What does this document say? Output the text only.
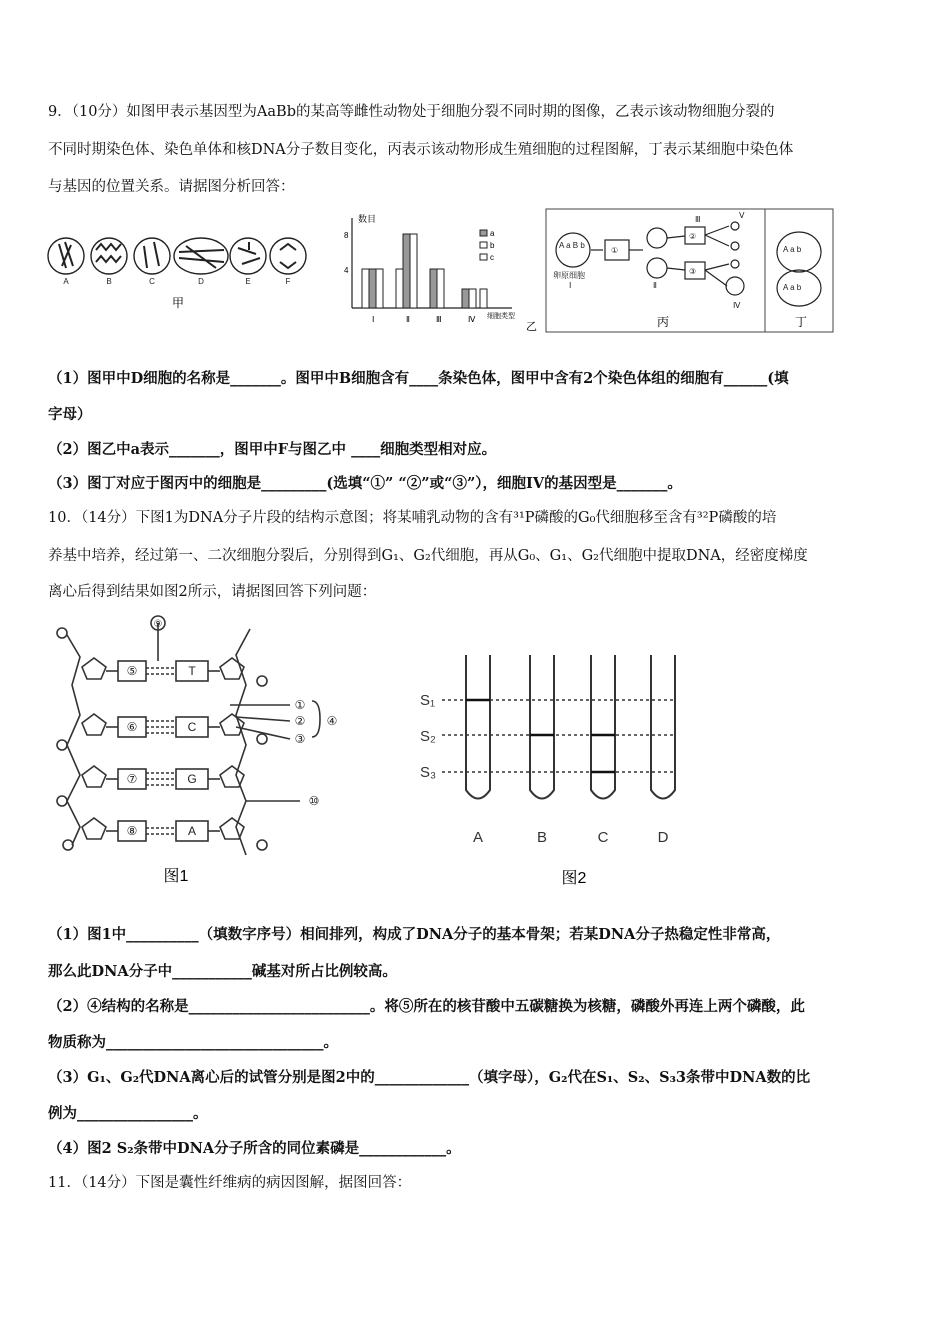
9．（10分）如图甲表示基因型为AaBb的某高等雌性动物处于细胞分裂不同时期的图像，乙表示该动物细胞分裂的
不同时期染色体、染色单体和核DNA分子数目变化，丙表示该动物形成生殖细胞的过程图解，丁表示某细胞中染色体
与基因的位置关系。请据图分析回答：
A	B	C	D	E	F
甲
数目
8
4
a
b
c
Ⅰ	Ⅱ	Ⅲ	Ⅳ 细胞类型
乙
A a B b
①
②
③
卵原细胞
Ⅰ	Ⅱ
Ⅲ
Ⅳ
Ⅴ
A a b
A a b
丙	丁
（1）图甲中D细胞的名称是_______。图甲中B细胞含有____条染色体，图甲中含有2个染色体组的细胞有______(填
字母）
（2）图乙中a表示_______，图甲中F与图乙中 ____细胞类型相对应。
（3）图丁对应于图丙中的细胞是_________(选填“①” “②”或“③”），细胞IV的基因型是_______。
10．（14分）下图1为DNA分子片段的结构示意图；将某哺乳动物的含有³¹P磷酸的G₀代细胞移至含有³²P磷酸的培
养基中培养，经过第一、二次细胞分裂后，分别得到G₁、G₂代细胞，再从G₀、G₁、G₂代细胞中提取DNA，经密度梯度
离心后得到结果如图2所示，请据图回答下列问题：
⑤
⑥
⑦
⑧
T
C
G
A
①
②
③
④
⑨
⑩
图1
S₁
S₂
S₃
A	B	C	D
图2
（1）图1中__________（填数字序号）相间排列，构成了DNA分子的基本骨架；若某DNA分子热稳定性非常高，
那么此DNA分子中___________碱基对所占比例较高。
（2）④结构的名称是_________________________。将⑤所在的核苷酸中五碳糖换为核糖，磷酸外再连上两个磷酸，此
物质称为______________________________。
（3）G₁、G₂代DNA离心后的试管分别是图2中的_____________（填字母），G₂代在S₁、S₂、S₃3条带中DNA数的比
例为________________。
（4）图2 S₂条带中DNA分子所含的同位素磷是____________。
11．（14分）下图是囊性纤维病的病因图解，据图回答：
